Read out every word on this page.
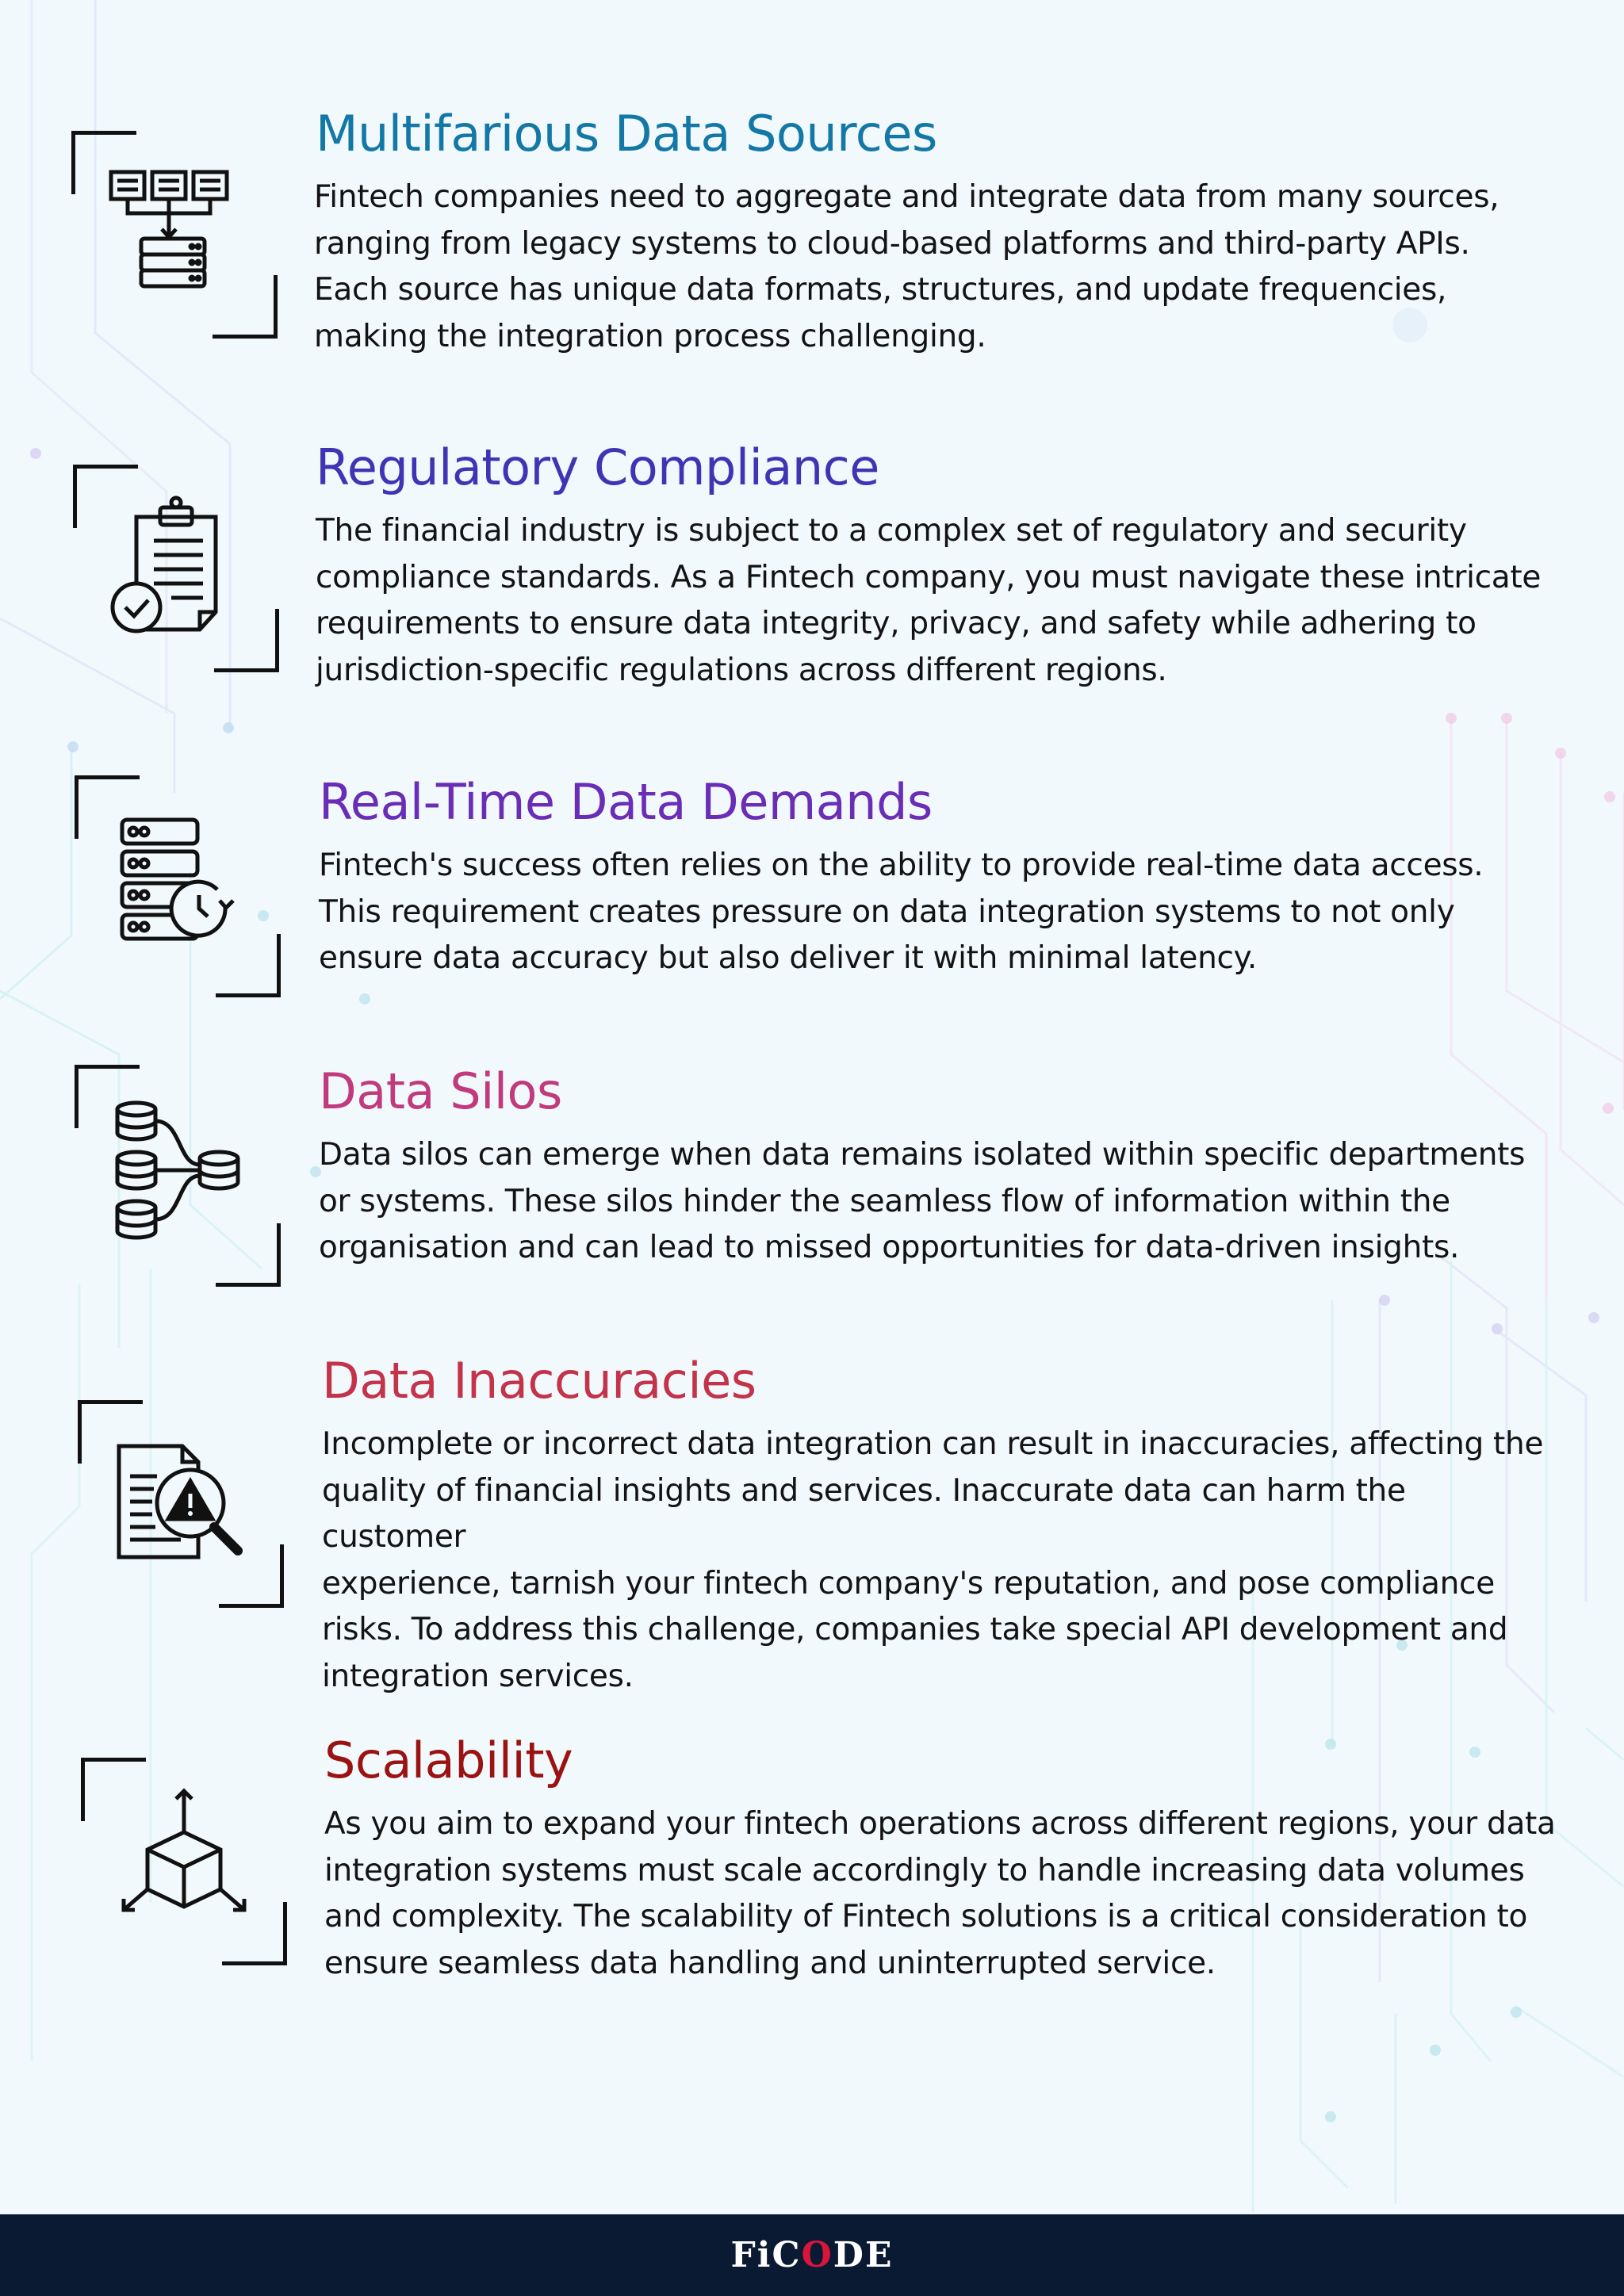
Multifarious Data Sources
Fintech companies need to aggregate and integrate data from many sources,
ranging from legacy systems to cloud-based platforms and third-party APIs.
Each source has unique data formats, structures, and update frequencies,
making the integration process challenging.
Regulatory Compliance
The financial industry is subject to a complex set of regulatory and security
compliance standards. As a Fintech company, you must navigate these intricate
requirements to ensure data integrity, privacy, and safety while adhering to
jurisdiction-specific regulations across different regions.
Real-Time Data Demands
Fintech's success often relies on the ability to provide real-time data access.
This requirement creates pressure on data integration systems to not only
ensure data accuracy but also deliver it with minimal latency.
Data Silos
Data silos can emerge when data remains isolated within specific departments
or systems. These silos hinder the seamless flow of information within the
organisation and can lead to missed opportunities for data-driven insights.
Data Inaccuracies
Incomplete or incorrect data integration can result in inaccuracies, affecting the
quality of financial insights and services. Inaccurate data can harm the customer
experience, tarnish your fintech company's reputation, and pose compliance
risks. To address this challenge, companies take special API development and
integration services.
Scalability
As you aim to expand your fintech operations across different regions, your data
integration systems must scale accordingly to handle increasing data volumes
and complexity. The scalability of Fintech solutions is a critical consideration to
ensure seamless data handling and uninterrupted service.
Fi C O DE
